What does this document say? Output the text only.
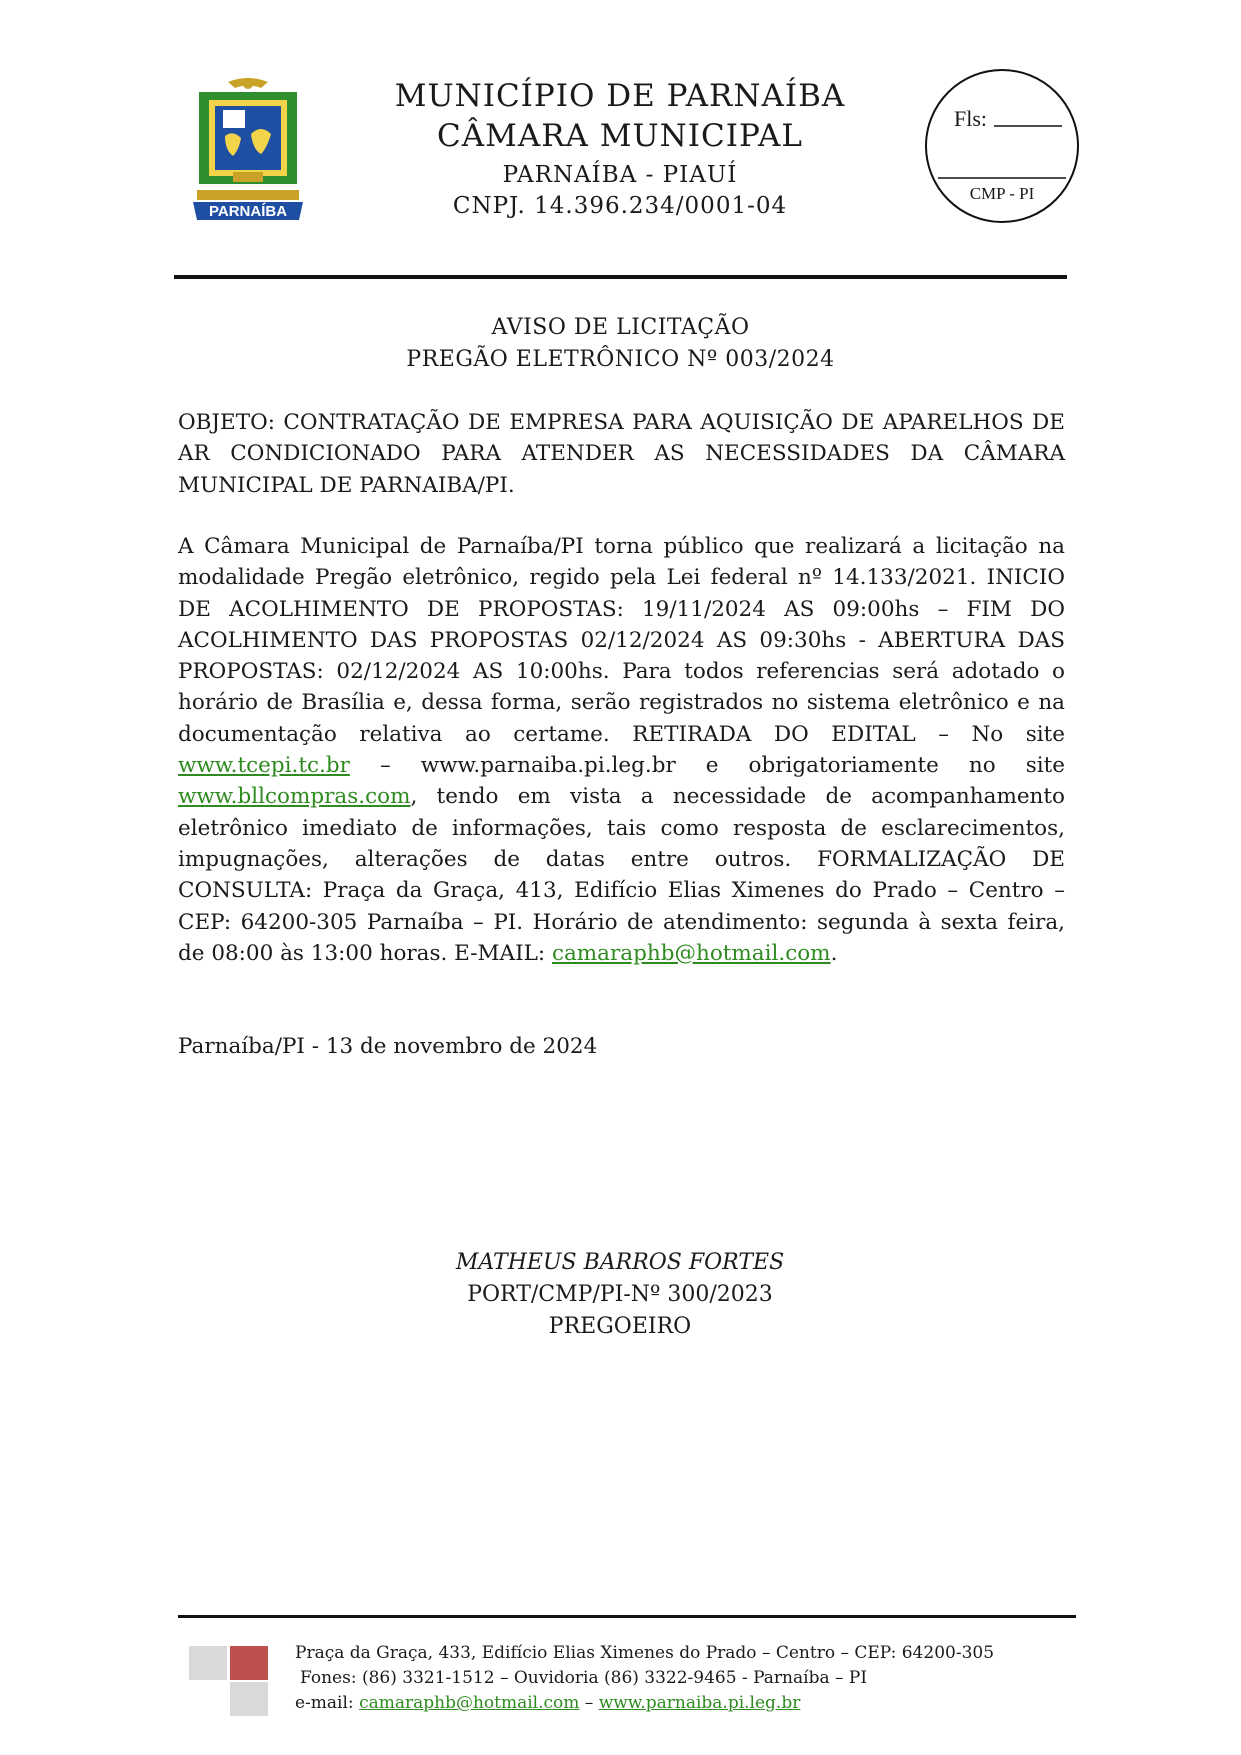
PARNAÍBA
MUNICÍPIO DE PARNAÍBA
CÂMARA MUNICIPAL
PARNAÍBA - PIAUÍ
CNPJ. 14.396.234/0001-04
Fls:
CMP - PI
AVISO DE LICITAÇÃO
PREGÃO ELETRÔNICO Nº 003/2024
OBJETO: CONTRATAÇÃO DE EMPRESA PARA AQUISIÇÃO DE APARELHOS DE AR CONDICIONADO PARA ATENDER AS NECESSIDADES DA CÂMARA MUNICIPAL DE PARNAIBA/PI.
A Câmara Municipal de Parnaíba/PI torna público que realizará a licitação na modalidade Pregão eletrônico, regido pela Lei federal nº 14.133/2021. INICIO DE ACOLHIMENTO DE PROPOSTAS: 19/11/2024 AS 09:00hs – FIM DO ACOLHIMENTO DAS PROPOSTAS 02/12/2024 AS 09:30hs - ABERTURA DAS PROPOSTAS: 02/12/2024 AS 10:00hs. Para todos referencias será adotado o horário de Brasília e, dessa forma, serão registrados no sistema eletrônico e na documentação relativa ao certame. RETIRADA DO EDITAL – No site www.tcepi.tc.br – www.parnaiba.pi.leg.br e obrigatoriamente no site www.bllcompras.com, tendo em vista a necessidade de acompanhamento eletrônico imediato de informações, tais como resposta de esclarecimentos, impugnações, alterações de datas entre outros. FORMALIZAÇÃO DE CONSULTA: Praça da Graça, 413, Edifício Elias Ximenes do Prado – Centro – CEP: 64200-305 Parnaíba – PI. Horário de atendimento: segunda à sexta feira, de 08:00 às 13:00 horas. E-MAIL: camaraphb@hotmail.com.
Parnaíba/PI - 13 de novembro de 2024
MATHEUS BARROS FORTES
PORT/CMP/PI-Nº 300/2023
PREGOEIRO
Praça da Graça, 433, Edifício Elias Ximenes do Prado – Centro – CEP: 64200-305
Fones: (86) 3321-1512 – Ouvidoria (86) 3322-9465 - Parnaíba – PI
e-mail: camaraphb@hotmail.com – www.parnaiba.pi.leg.br
